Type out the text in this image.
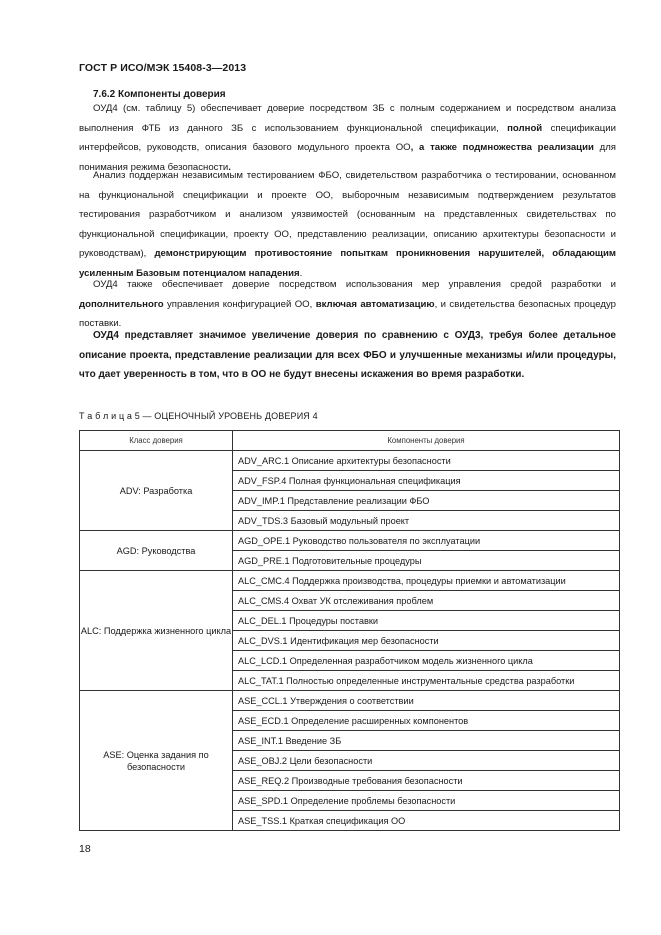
ГОСТ Р ИСО/МЭК 15408-3—2013
7.6.2 Компоненты доверия
ОУД4 (см. таблицу 5) обеспечивает доверие посредством ЗБ с полным содержанием и посредством анализа выполнения ФТБ из данного ЗБ с использованием функциональной спецификации, полной спецификации интерфейсов, руководств, описания базового модульного проекта ОО, а также подмножества реализации для понимания режима безопасности.
Анализ поддержан независимым тестированием ФБО, свидетельством разработчика о тестировании, основанном на функциональной спецификации и проекте ОО, выборочным независимым подтверждением результатов тестирования разработчиком и анализом уязвимостей (основанным на представленных свидетельствах по функциональной спецификации, проекту ОО, представлению реализации, описанию архитектуры безопасности и руководствам), демонстрирующим противостояние попыткам проникновения нарушителей, обладающим усиленным Базовым потенциалом нападения.
ОУД4 также обеспечивает доверие посредством использования мер управления средой разработки и дополнительного управления конфигурацией ОО, включая автоматизацию, и свидетельства безопасных процедур поставки.
ОУД4 представляет значимое увеличение доверия по сравнению с ОУД3, требуя более детальное описание проекта, представление реализации для всех ФБО и улучшенные механизмы и/или процедуры, что дает уверенность в том, что в ОО не будут внесены искажения во время разработки.
Т а б л и ц а 5 — ОЦЕНОЧНЫЙ УРОВЕНЬ ДОВЕРИЯ 4
Класс доверия	Компоненты доверия
ADV: Разработка	ADV_ARC.1 Описание архитектуры безопасности
	ADV_FSP.4 Полная функциональная спецификация
	ADV_IMP.1 Представление реализации ФБО
	ADV_TDS.3 Базовый модульный проект
AGD: Руководства	AGD_OPE.1 Руководство пользователя по эксплуатации
	AGD_PRE.1 Подготовительные процедуры
ALC: Поддержка жизненного цикла	ALC_CMC.4 Поддержка производства, процедуры приемки и автоматизации
	ALC_CMS.4 Охват УК отслеживания проблем
	ALC_DEL.1 Процедуры поставки
	ALC_DVS.1 Идентификация мер безопасности
	ALC_LCD.1 Определенная разработчиком модель жизненного цикла
	ALC_TAT.1 Полностью определенные инструментальные средства разработки
ASE: Оценка задания по безопасности	ASE_CCL.1 Утверждения о соответствии
	ASE_ECD.1 Определение расширенных компонентов
	ASE_INT.1 Введение ЗБ
	ASE_OBJ.2 Цели безопасности
	ASE_REQ.2 Производные требования безопасности
	ASE_SPD.1 Определение проблемы безопасности
	ASE_TSS.1 Краткая спецификация ОО
18
